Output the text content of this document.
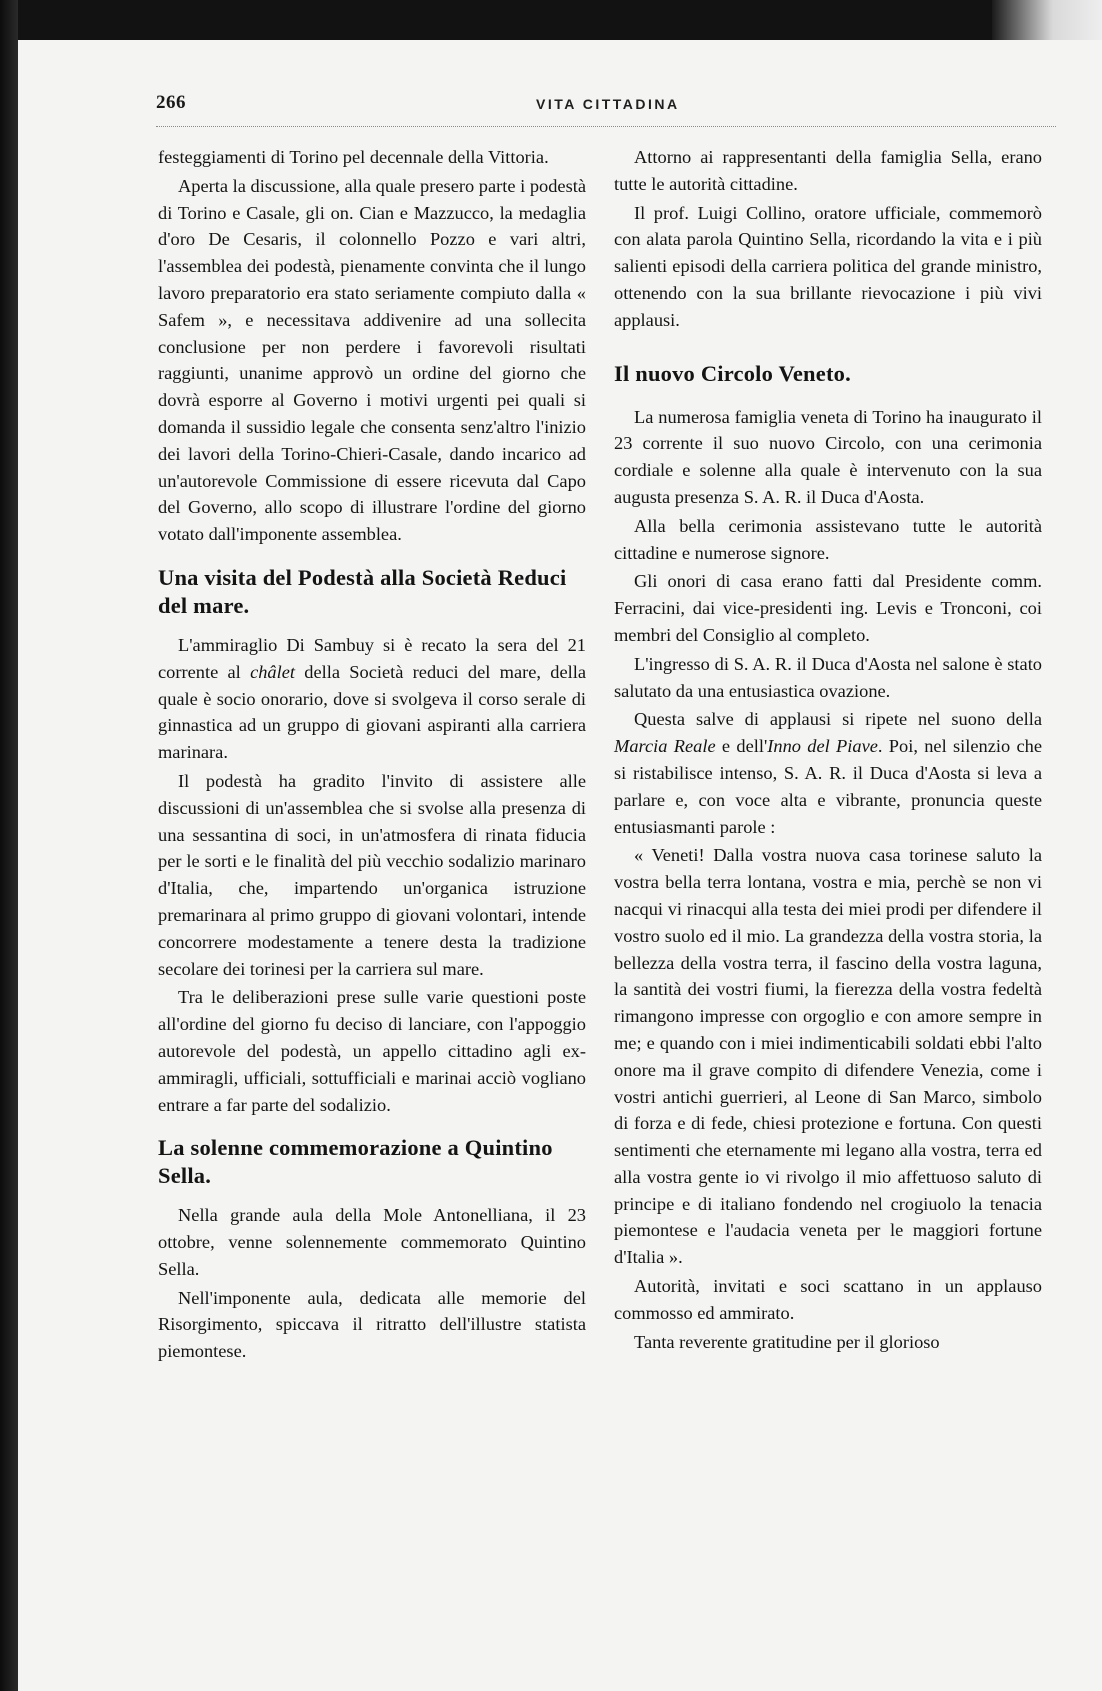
266	VITA CITTADINA

festeggiamenti di Torino pel decennale della Vittoria.

Aperta la discussione, alla quale presero parte i podestà di Torino e Casale, gli on. Cian e Mazzucco, la medaglia d'oro De Cesaris, il colonnello Pozzo e vari altri, l'assemblea dei podestà, pienamente convinta che il lungo lavoro preparatorio era stato seriamente compiuto dalla « Safem », e necessitava addivenire ad una sollecita conclusione per non perdere i favorevoli risultati raggiunti, unanime approvò un ordine del giorno che dovrà esporre al Governo i motivi urgenti pei quali si domanda il sussidio legale che consenta senz'altro l'inizio dei lavori della Torino-Chieri-Casale, dando incarico ad un'autorevole Commissione di essere ricevuta dal Capo del Governo, allo scopo di illustrare l'ordine del giorno votato dall'imponente assemblea.

Una visita del Podestà alla Società Reduci del mare.

L'ammiraglio Di Sambuy si è recato la sera del 21 corrente al châlet della Società reduci del mare, della quale è socio onorario, dove si svolgeva il corso serale di ginnastica ad un gruppo di giovani aspiranti alla carriera marinara.

Il podestà ha gradito l'invito di assistere alle discussioni di un'assemblea che si svolse alla presenza di una sessantina di soci, in un'atmosfera di rinata fiducia per le sorti e le finalità del più vecchio sodalizio marinaro d'Italia, che, impartendo un'organica istruzione premarinara al primo gruppo di giovani volontari, intende concorrere modestamente a tenere desta la tradizione secolare dei torinesi per la carriera sul mare.

Tra le deliberazioni prese sulle varie questioni poste all'ordine del giorno fu deciso di lanciare, con l'appoggio autorevole del podestà, un appello cittadino agli ex-ammiragli, ufficiali, sottufficiali e marinai acciò vogliano entrare a far parte del sodalizio.

La solenne commemorazione a Quintino Sella.

Nella grande aula della Mole Antonelliana, il 23 ottobre, venne solennemente commemorato Quintino Sella.

Nell'imponente aula, dedicata alle memorie del Risorgimento, spiccava il ritratto dell'illustre statista piemontese.

Attorno ai rappresentanti della famiglia Sella, erano tutte le autorità cittadine.

Il prof. Luigi Collino, oratore ufficiale, commemorò con alata parola Quintino Sella, ricordando la vita e i più salienti episodi della carriera politica del grande ministro, ottenendo con la sua brillante rievocazione i più vivi applausi.

Il nuovo Circolo Veneto.

La numerosa famiglia veneta di Torino ha inaugurato il 23 corrente il suo nuovo Circolo, con una cerimonia cordiale e solenne alla quale è intervenuto con la sua augusta presenza S. A. R. il Duca d'Aosta.

Alla bella cerimonia assistevano tutte le autorità cittadine e numerose signore.

Gli onori di casa erano fatti dal Presidente comm. Ferracini, dai vice-presidenti ing. Levis e Tronconi, coi membri del Consiglio al completo.

L'ingresso di S. A. R. il Duca d'Aosta nel salone è stato salutato da una entusiastica ovazione.

Questa salve di applausi si ripete nel suono della Marcia Reale e dell'Inno del Piave. Poi, nel silenzio che si ristabilisce intenso, S. A. R. il Duca d'Aosta si leva a parlare e, con voce alta e vibrante, pronuncia queste entusiasmanti parole :

« Veneti! Dalla vostra nuova casa torinese saluto la vostra bella terra lontana, vostra e mia, perchè se non vi nacqui vi rinacqui alla testa dei miei prodi per difendere il vostro suolo ed il mio. La grandezza della vostra storia, la bellezza della vostra terra, il fascino della vostra laguna, la santità dei vostri fiumi, la fierezza della vostra fedeltà rimangono impresse con orgoglio e con amore sempre in me; e quando con i miei indimenticabili soldati ebbi l'alto onore ma il grave compito di difendere Venezia, come i vostri antichi guerrieri, al Leone di San Marco, simbolo di forza e di fede, chiesi protezione e fortuna. Con questi sentimenti che eternamente mi legano alla vostra, terra ed alla vostra gente io vi rivolgo il mio affettuoso saluto di principe e di italiano fondendo nel crogiuolo la tenacia piemontese e l'audacia veneta per le maggiori fortune d'Italia ».

Autorità, invitati e soci scattano in un applauso commosso ed ammirato.

Tanta reverente gratitudine per il glorioso
